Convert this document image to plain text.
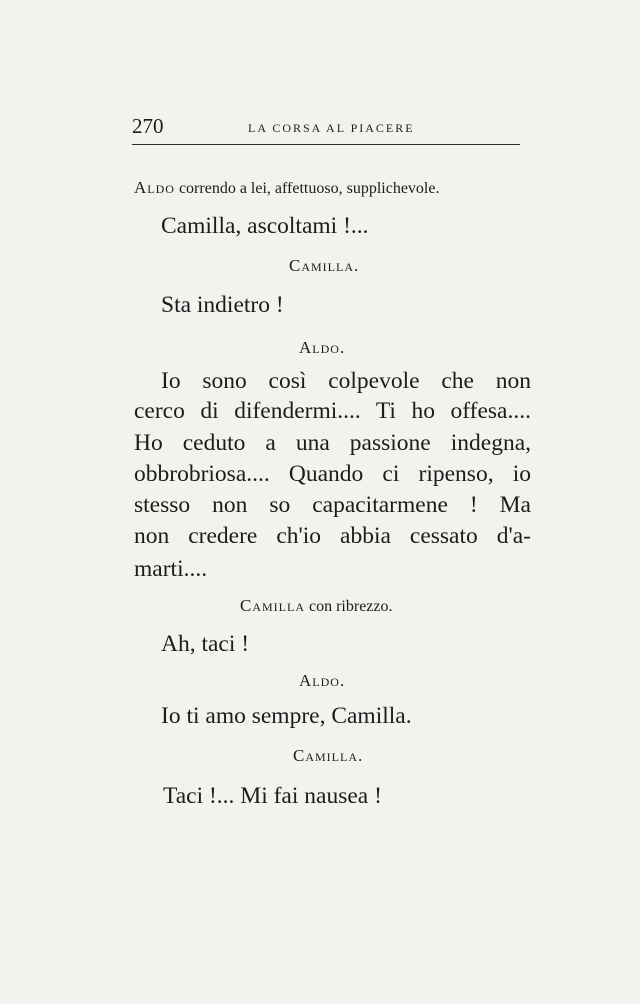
270	LA CORSA AL PIACERE
Aldo correndo a lei, affettuoso, supplichevole.
Camilla, ascoltami !...
Camilla.
Sta indietro !
Aldo.
Io sono così colpevole che non
cerco di difendermi.... Ti ho offesa....
Ho ceduto a una passione indegna,
obbrobriosa.... Quando ci ripenso, io
stesso non so capacitarmene ! Ma
non credere ch'io abbia cessato d'a-
marti....
Camilla con ribrezzo.
Ah, taci !
Aldo.
Io ti amo sempre, Camilla.
Camilla.
Taci !... Mi fai nausea !
